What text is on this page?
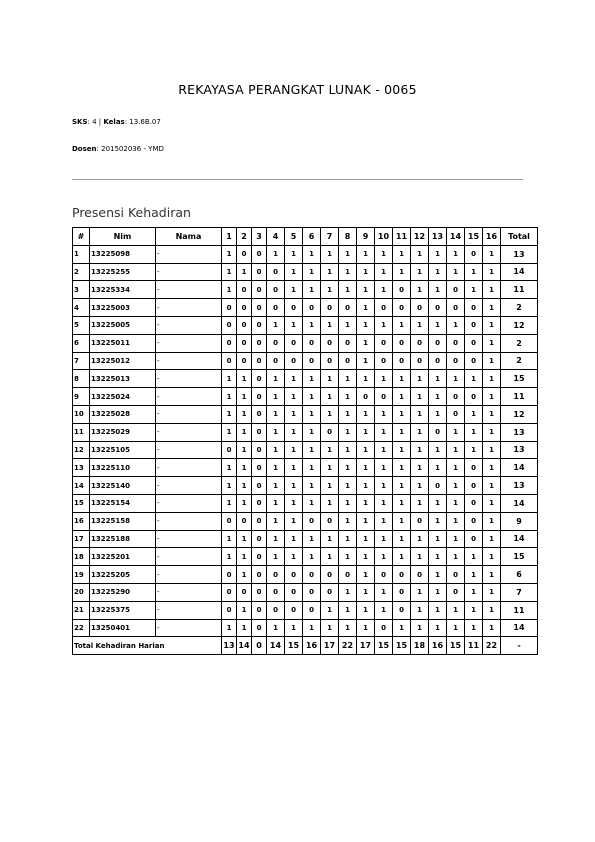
REKAYASA PERANGKAT LUNAK - 0065
SKS: 4 | Kelas: 13.6B.07
Dosen: 201502036 - YMD
Presensi Kehadiran
#	Nim	Nama	1	2	3	4	5	6	7	8	9	10	11	12	13	14	15	16	Total
1	13225098	-	1	0	0	1	1	1	1	1	1	1	1	1	1	1	0	1	13
2	13225255	-	1	1	0	0	1	1	1	1	1	1	1	1	1	1	1	1	14
3	13225334	-	1	0	0	0	1	1	1	1	1	1	0	1	1	0	1	1	11
4	13225003	-	0	0	0	0	0	0	0	0	1	0	0	0	0	0	0	1	2
5	13225005	-	0	0	0	1	1	1	1	1	1	1	1	1	1	1	0	1	12
6	13225011	-	0	0	0	0	0	0	0	0	1	0	0	0	0	0	0	1	2
7	13225012	-	0	0	0	0	0	0	0	0	1	0	0	0	0	0	0	1	2
8	13225013	-	1	1	0	1	1	1	1	1	1	1	1	1	1	1	1	1	15
9	13225024	-	1	1	0	1	1	1	1	1	0	0	1	1	1	0	0	1	11
10	13225028	-	1	1	0	1	1	1	1	1	1	1	1	1	1	0	1	1	12
11	13225029	-	1	1	0	1	1	1	0	1	1	1	1	1	0	1	1	1	13
12	13225105	-	0	1	0	1	1	1	1	1	1	1	1	1	1	1	1	1	13
13	13225110	-	1	1	0	1	1	1	1	1	1	1	1	1	1	1	0	1	14
14	13225140	-	1	1	0	1	1	1	1	1	1	1	1	1	0	1	0	1	13
15	13225154	-	1	1	0	1	1	1	1	1	1	1	1	1	1	1	0	1	14
16	13225158	-	0	0	0	1	1	0	0	1	1	1	1	0	1	1	0	1	9
17	13225188	-	1	1	0	1	1	1	1	1	1	1	1	1	1	1	0	1	14
18	13225201	-	1	1	0	1	1	1	1	1	1	1	1	1	1	1	1	1	15
19	13225205	-	0	1	0	0	0	0	0	0	1	0	0	0	1	0	1	1	6
20	13225290	-	0	0	0	0	0	0	0	1	1	1	0	1	1	0	1	1	7
21	13225375	-	0	1	0	0	0	0	1	1	1	1	0	1	1	1	1	1	11
22	13250401	-	1	1	0	1	1	1	1	1	1	0	1	1	1	1	1	1	14
Total Kehadiran Harian			13	14	0	14	15	16	17	22	17	15	15	18	16	15	11	22	-
